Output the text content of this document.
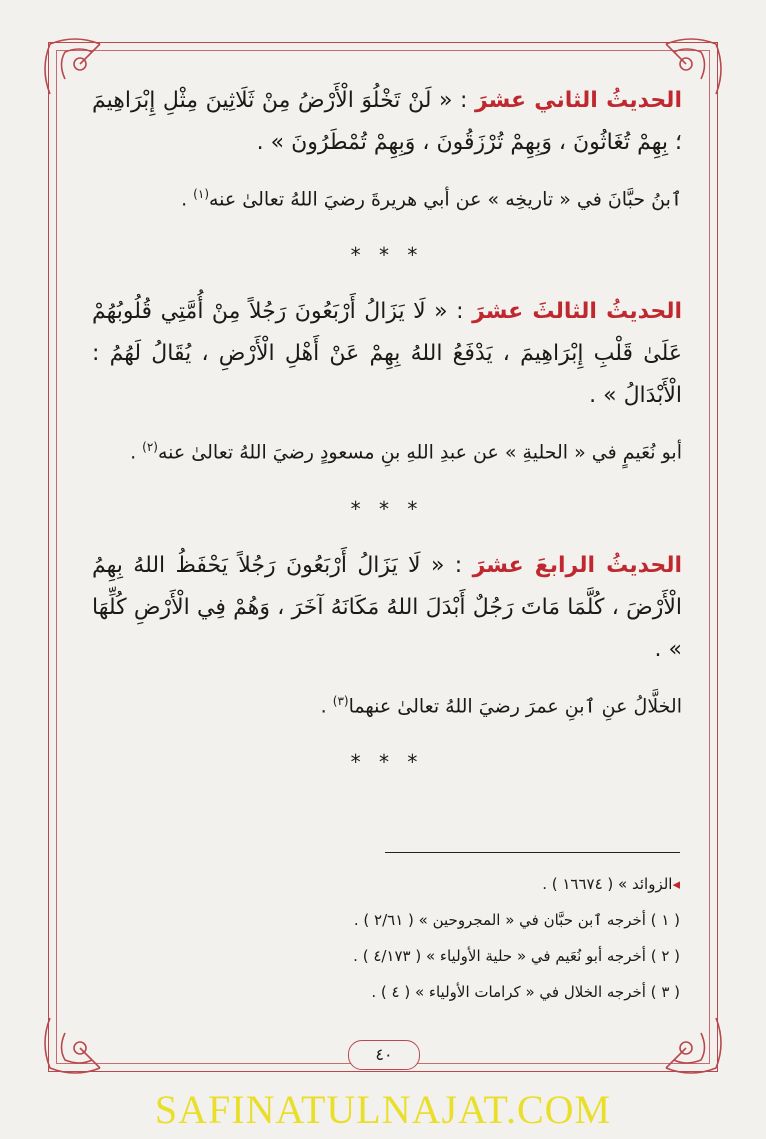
الحديثُ الثاني عشرَ : « لَنْ تَخْلُوَ الْأَرْضُ مِنْ ثَلَاثِينَ مِثْلِ إِبْرَاهِيمَ ؛ بِهِمْ تُغَاثُونَ ، وَبِهِمْ تُرْزَقُونَ ، وَبِهِمْ تُمْطَرُونَ » .

ٱبنُ حبَّانَ في « تاريخِه » عن أبي هريرةَ رضيَ اللهُ تعالىٰ عنه$^{(١)}$ .

* * *

الحديثُ الثالثَ عشرَ : « لَا يَزَالُ أَرْبَعُونَ رَجُلاً مِنْ أُمَّتِي قُلُوبُهُمْ عَلَىٰ قَلْبِ إِبْرَاهِيمَ ، يَدْفَعُ اللهُ بِهِمْ عَنْ أَهْلِ الْأَرْضِ ، يُقَالُ لَهُمُ : الْأَبْدَالُ » .

أبو نُعَيمٍ في « الحليةِ » عن عبدِ اللهِ بنِ مسعودٍ رضيَ اللهُ تعالىٰ عنه$^{(٢)}$ .

* * *

الحديثُ الرابعَ عشرَ : « لَا يَزَالُ أَرْبَعُونَ رَجُلاً يَحْفَظُ اللهُ بِهِمُ الْأَرْضَ ، كُلَّمَا مَاتَ رَجُلٌ أَبْدَلَ اللهُ مَكَانَهُ آخَرَ ، وَهُمْ فِي الْأَرْضِ كُلِّهَا » .

الخلَّالُ عنِ ٱبنِ عمرَ رضيَ اللهُ تعالىٰ عنهما$^{(٣)}$ .

* * *
◂الزوائد » ( ١٦٦٧٤ ) .
( ١ ) أخرجه ٱبن حبَّان في « المجروحين » ( ٢/٦١ ) .
( ٢ ) أخرجه أبو نُعَيم في « حلية الأولياء » ( ٤/١٧٣ ) .
( ٣ ) أخرجه الخلال في « كرامات الأولياء » ( ٤ ) .
٤٠
SAFINATULNAJAT.COM
